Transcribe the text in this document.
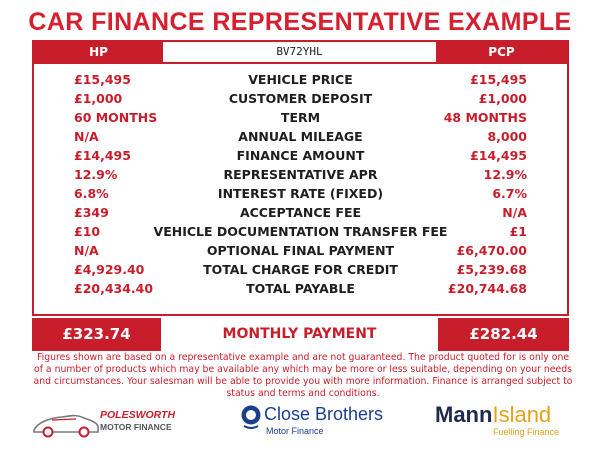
CAR FINANCE REPRESENTATIVE EXAMPLE
HP	BV72YHL	PCP
£15,495	VEHICLE PRICE	£15,495
£1,000	CUSTOMER DEPOSIT	£1,000
60 MONTHS	TERM	48 MONTHS
N/A	ANNUAL MILEAGE	8,000
£14,495	FINANCE AMOUNT	£14,495
12.9%	REPRESENTATIVE APR	12.9%
6.8%	INTEREST RATE (FIXED)	6.7%
£349	ACCEPTANCE FEE	N/A
£10	VEHICLE DOCUMENTATION TRANSFER FEE	£1
N/A	OPTIONAL FINAL PAYMENT	£6,470.00
£4,929.40	TOTAL CHARGE FOR CREDIT	£5,239.68
£20,434.40	TOTAL PAYABLE	£20,744.68
£323.74	MONTHLY PAYMENT	£282.44
Figures shown are based on a representative example and are not guaranteed. The product quoted for is only one of a number of products which may be available any which may be more or less suitable, depending on your needs and circumstances. Your salesman will be able to provide you with more information. Finance is arranged subject to status and terms and conditions.
POLESWORTH
MOTOR FINANCE
Close Brothers
Motor Finance
MannIsland
Fuelling Finance
